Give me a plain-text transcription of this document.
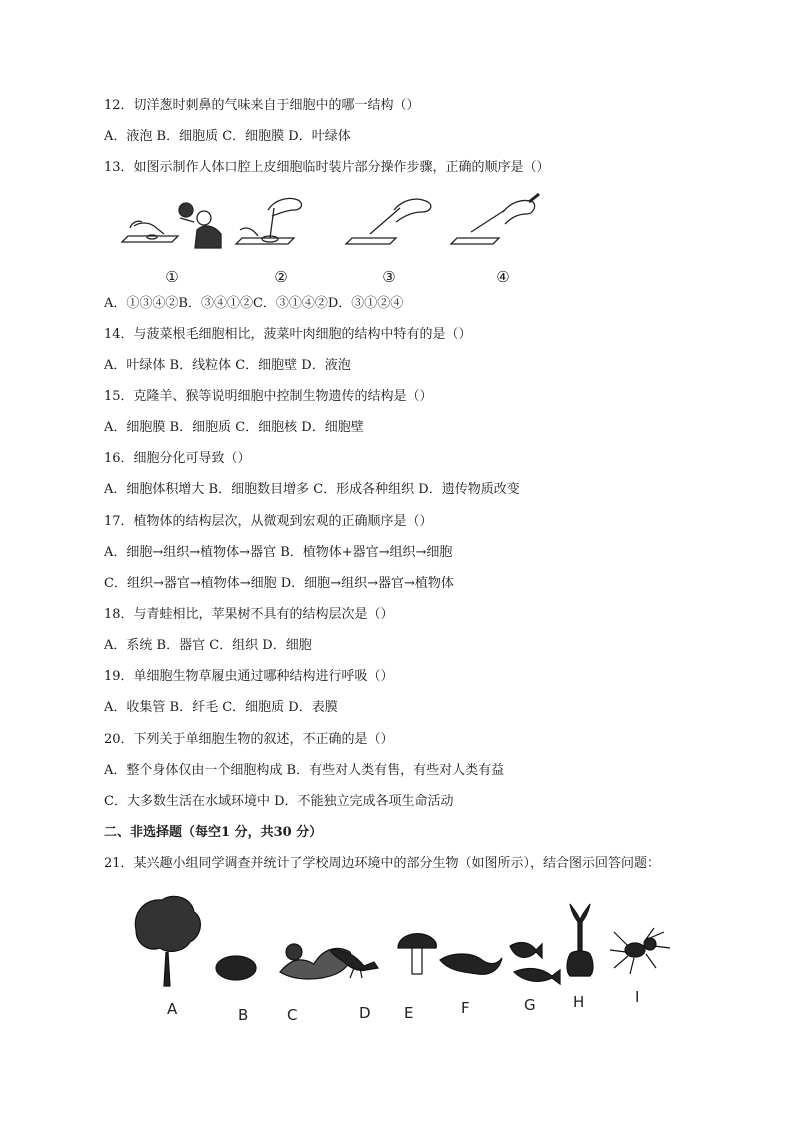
12．切洋葱时刺鼻的气味来自于细胞中的哪一结构（）
A．液泡 B．细胞质 C．细胞膜 D．叶绿体
13．如图示制作人体口腔上皮细胞临时装片部分操作步骤，正确的顺序是（）
①	②	③	④
A．①③④②B．③④①②C．③①④②D．③①②④
14．与菠菜根毛细胞相比，菠菜叶肉细胞的结构中特有的是（）
A．叶绿体 B．线粒体 C．细胞壁 D．液泡
15．克隆羊、猴等说明细胞中控制生物遗传的结构是（）
A．细胞膜 B．细胞质 C．细胞核 D．细胞壁
16．细胞分化可导致（）
A．细胞体积增大 B．细胞数目增多 C．形成各种组织 D．遗传物质改变
17．植物体的结构层次，从微观到宏观的正确顺序是（）
A．细胞→组织→植物体→器官 B．植物体+器官→组织→细胞
C．组织→器官→植物体→细胞 D．细胞→组织→器官→植物体
18．与青蛙相比，苹果树不具有的结构层次是（）
A．系统 B．器官 C．组织 D．细胞
19．单细胞生物草履虫通过哪种结构进行呼吸（）
A．收集管 B．纤毛 C．细胞质 D．表膜
20．下列关于单细胞生物的叙述，不正确的是（）
A．整个身体仅由一个细胞构成 B．有些对人类有售，有些对人类有益
C．大多数生活在水域环境中 D．不能独立完成各项生命活动
二、非选择题（每空1 分，共30 分）
21．某兴趣小组同学调查并统计了学校周边环境中的部分生物（如图所示），结合图示回答问题：
A	B	C	D E	F	G H	I
